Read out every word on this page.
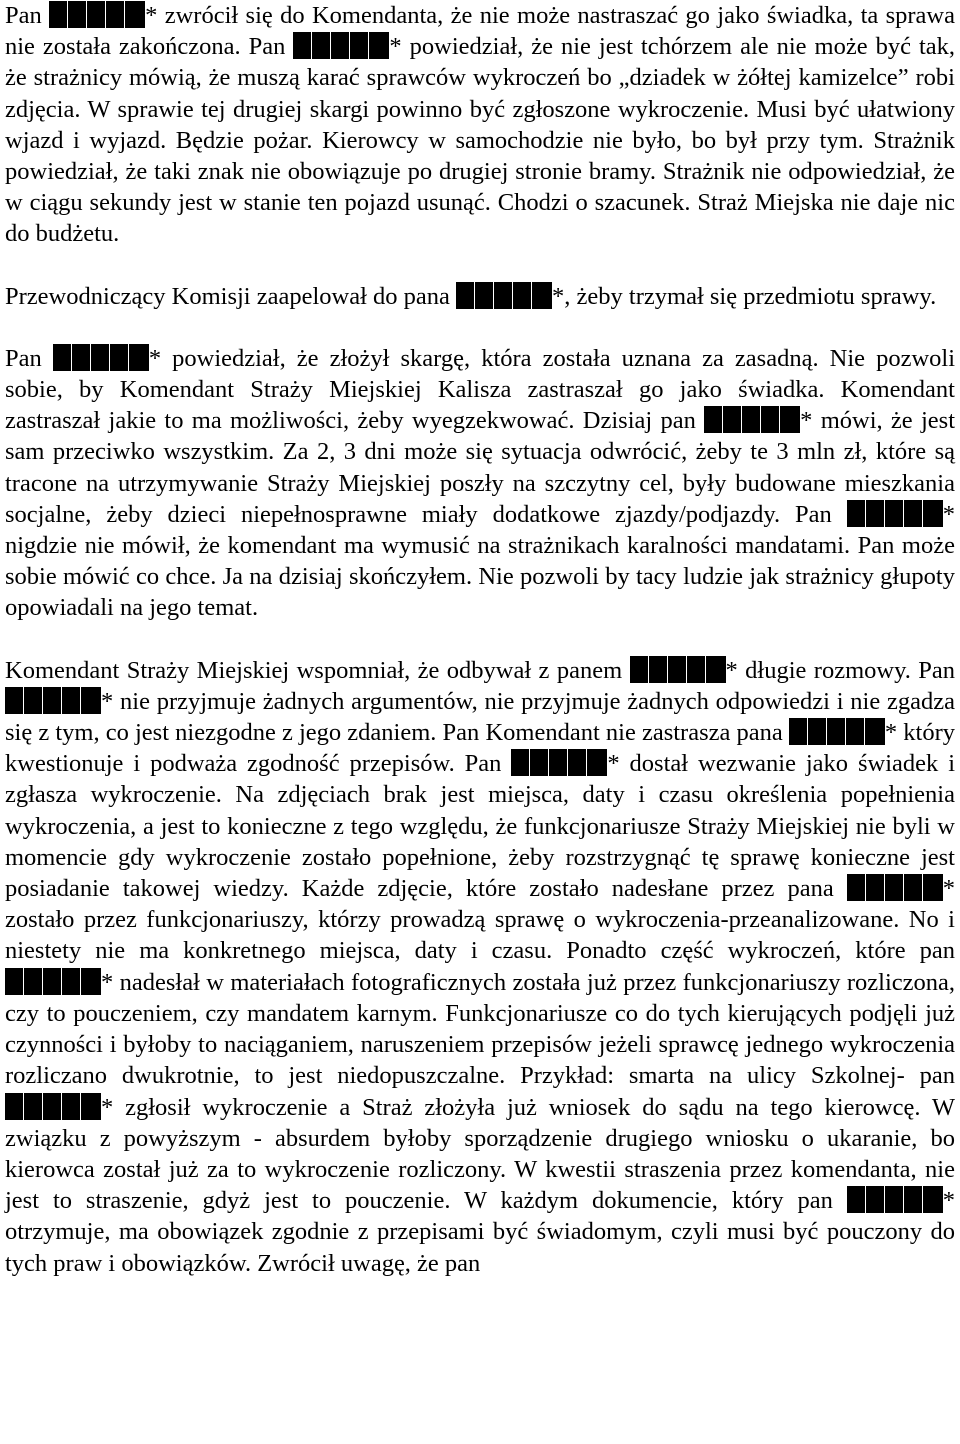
Pan	* zwrócił się do Komendanta, że nie może nastraszać go jako świadka, ta sprawa nie została zakończona. Pan	* powiedział, że nie jest tchórzem ale nie może być tak, że strażnicy mówią, że muszą karać sprawców wykroczeń bo „dziadek w żółtej kamizelce” robi zdjęcia. W sprawie tej drugiej skargi powinno być zgłoszone wykroczenie. Musi być ułatwiony wjazd i wyjazd. Będzie pożar. Kierowcy w samochodzie nie było, bo był przy tym. Strażnik powiedział, że taki znak nie obowiązuje po drugiej stronie bramy. Strażnik nie odpowiedział, że w ciągu sekundy jest w stanie ten pojazd usunąć. Chodzi o szacunek. Straż Miejska nie daje nic do budżetu.

Przewodniczący Komisji zaapelował do pana	*, żeby trzymał się przedmiotu sprawy.

Pan	* powiedział, że złożył skargę, która została uznana za zasadną. Nie pozwoli sobie, by Komendant Straży Miejskiej Kalisza zastraszał go jako świadka. Komendant zastraszał jakie to ma możliwości, żeby wyegzekwować. Dzisiaj pan	* mówi, że jest sam przeciwko wszystkim. Za 2, 3 dni może się sytuacja odwrócić, żeby te 3 mln zł, które są tracone na utrzymywanie Straży Miejskiej poszły na szczytny cel, były budowane mieszkania socjalne, żeby dzieci niepełnosprawne miały dodatkowe zjazdy/podjazdy. Pan	* nigdzie nie mówił, że komendant ma wymusić na strażnikach karalności mandatami. Pan może sobie mówić co chce. Ja na dzisiaj skończyłem. Nie pozwoli by tacy ludzie jak strażnicy głupoty opowiadali na jego temat.

Komendant Straży Miejskiej wspomniał, że odbywał z panem	* długie rozmowy. Pan * nie przyjmuje żadnych argumentów, nie przyjmuje żadnych odpowiedzi i nie zgadza się z tym, co jest niezgodne z jego zdaniem. Pan Komendant nie zastrasza pana	* który kwestionuje i podważa zgodność przepisów. Pan	* dostał wezwanie jako świadek i zgłasza wykroczenie. Na zdjęciach brak jest miejsca, daty i czasu określenia popełnienia wykroczenia, a jest to konieczne z tego względu, że funkcjonariusze Straży Miejskiej nie byli w momencie gdy wykroczenie zostało popełnione, żeby rozstrzygnąć tę sprawę konieczne jest posiadanie takowej wiedzy. Każde zdjęcie, które zostało nadesłane przez pana	* zostało przez funkcjonariuszy, którzy prowadzą sprawę o wykroczenia-przeanalizowane. No i niestety nie ma konkretnego miejsca, daty i czasu. Ponadto część wykroczeń, które pan * nadesłał w materiałach fotograficznych została już przez funkcjonariuszy rozliczona, czy to pouczeniem, czy mandatem karnym. Funkcjonariusze co do tych kierujących podjęli już czynności i byłoby to naciąganiem, naruszeniem przepisów jeżeli sprawcę jednego wykroczenia rozliczano dwukrotnie, to jest niedopuszczalne. Przykład: smarta na ulicy Szkolnej- pan * zgłosił wykroczenie a Straż złożyła już wniosek do sądu na tego kierowcę. W związku z powyższym - absurdem byłoby sporządzenie drugiego wniosku o ukaranie, bo kierowca został już za to wykroczenie rozliczony. W kwestii straszenia przez komendanta, nie jest to straszenie, gdyż jest to pouczenie. W każdym dokumencie, który pan	* otrzymuje, ma obowiązek zgodnie z przepisami być świadomym, czyli musi być pouczony do tych praw i obowiązków. Zwrócił uwagę, że pan
